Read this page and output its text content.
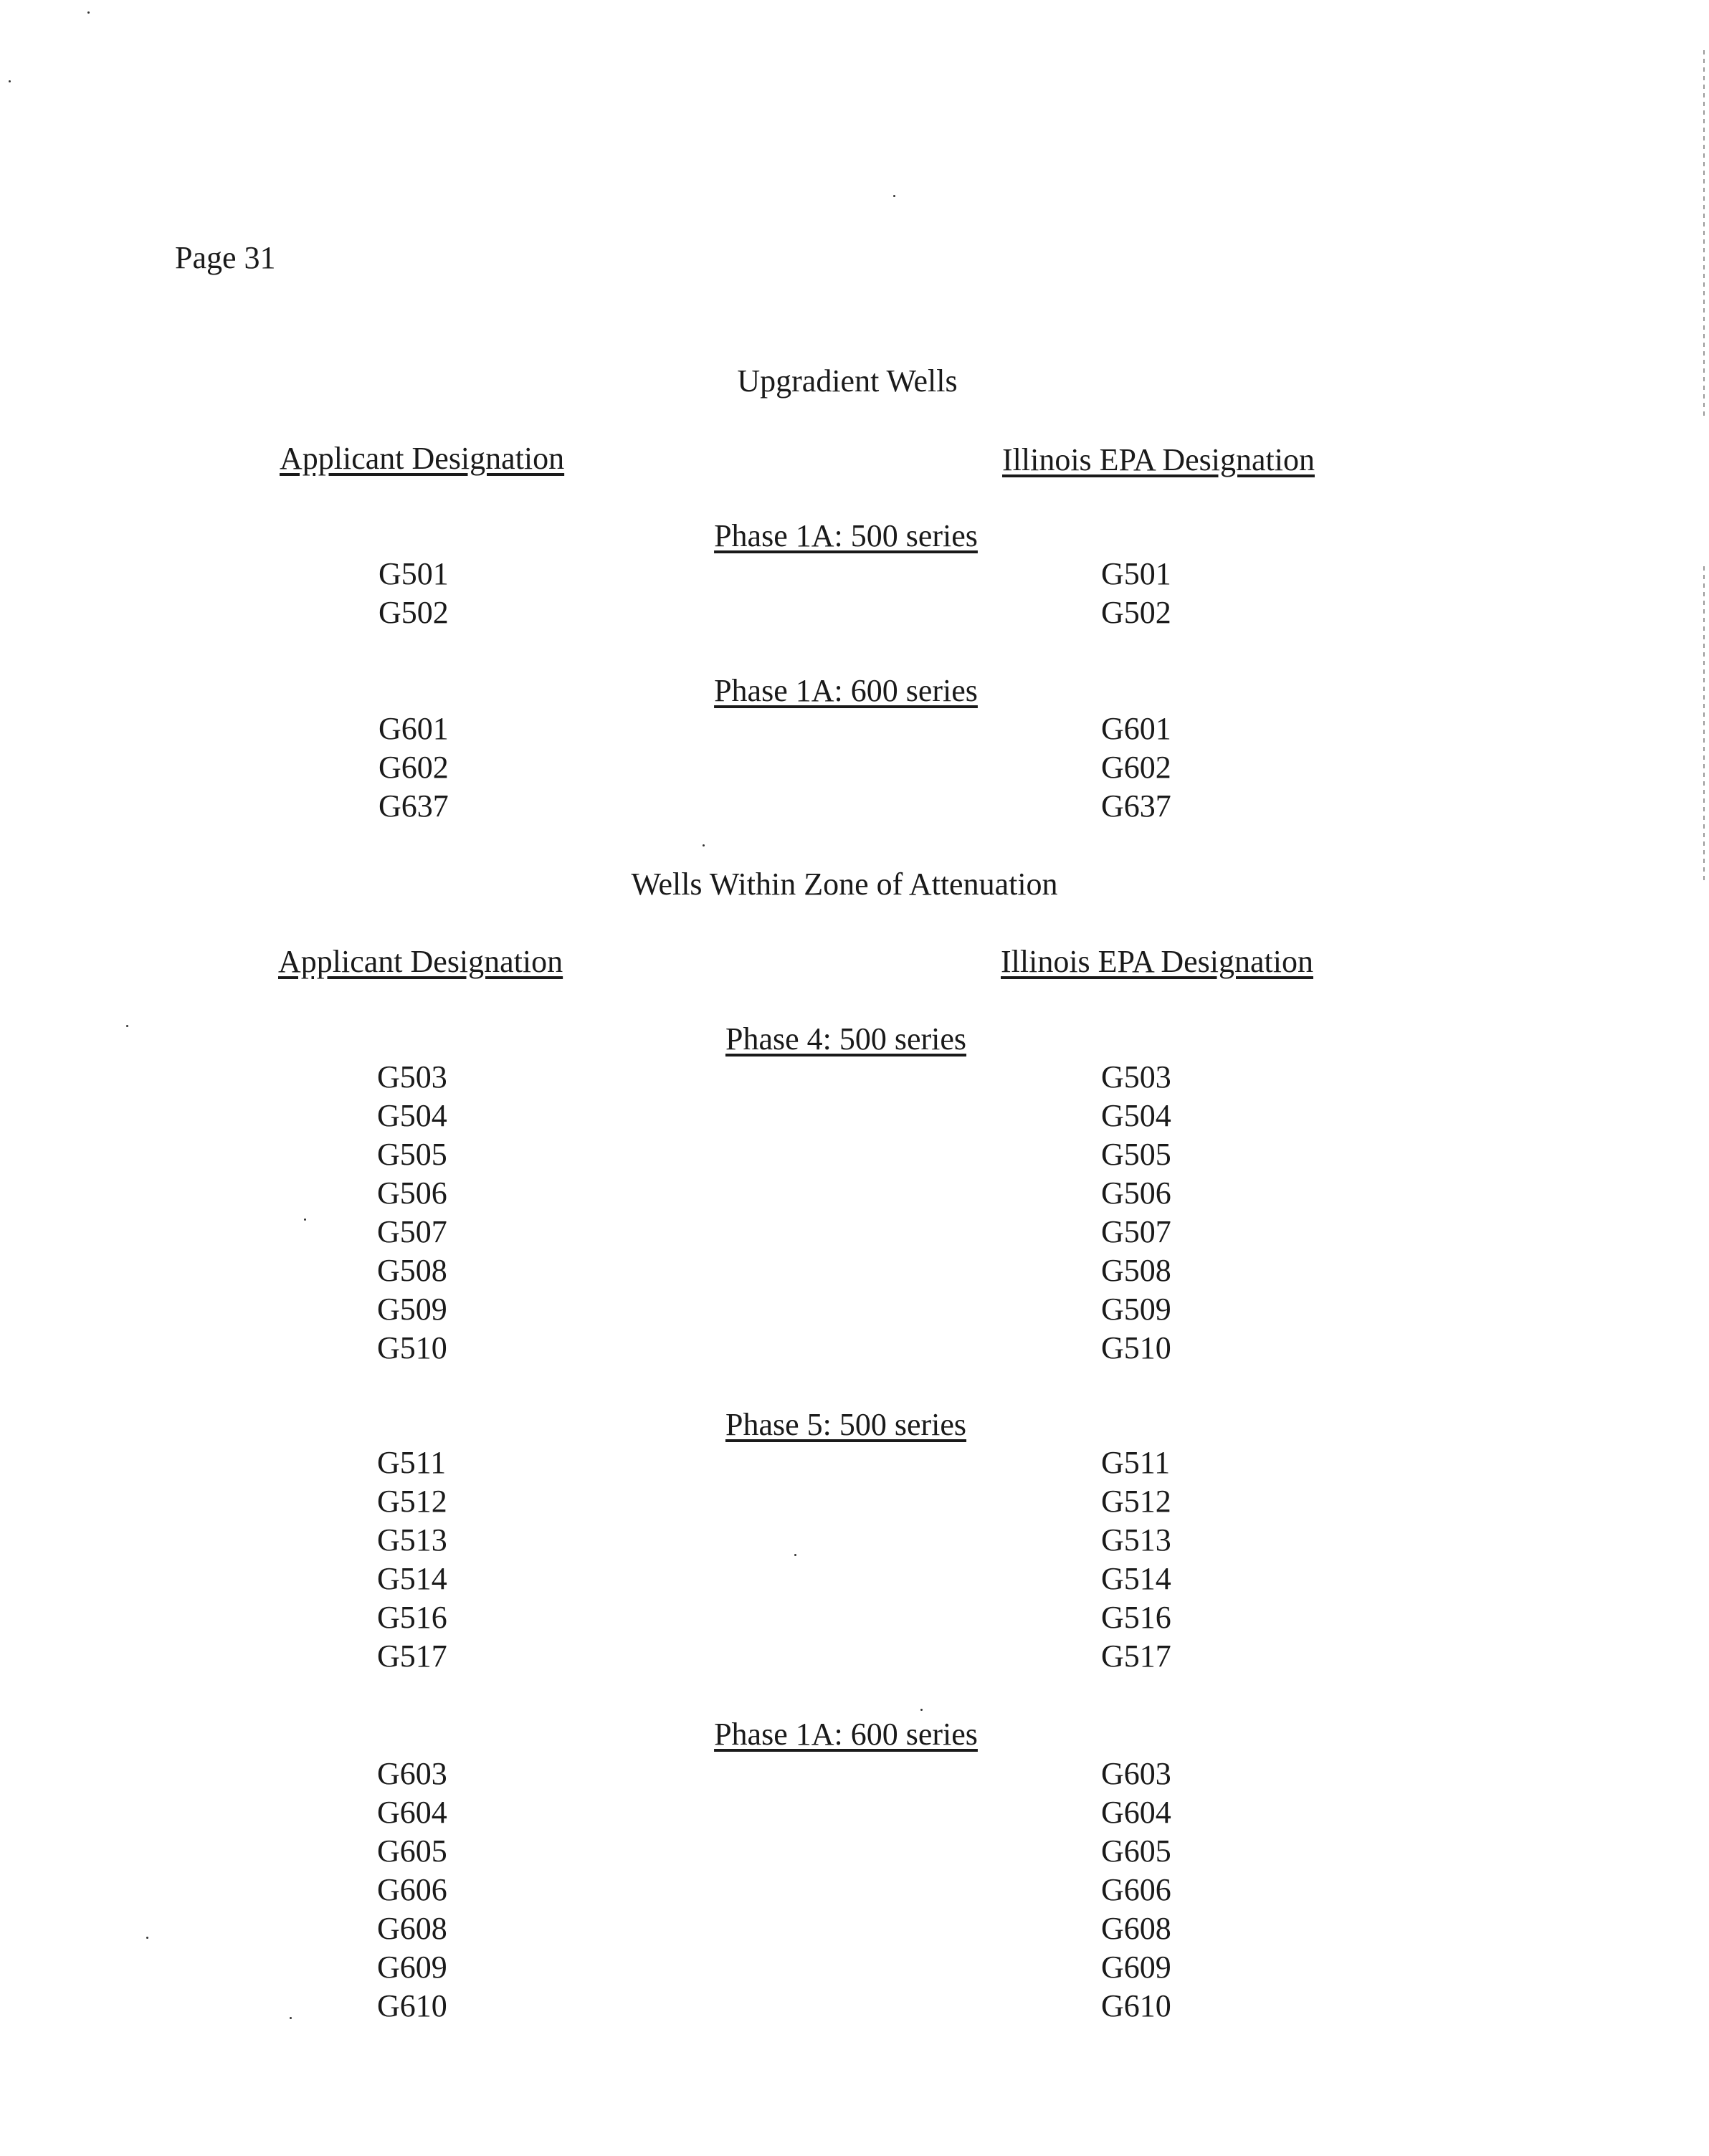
Page 31
Upgradient Wells
Applicant Designation	Illinois EPA Designation
Phase 1A: 500 series
G501
G502
G501
G502
Phase 1A: 600 series
G601
G602
G637
G601
G602
G637
Wells Within Zone of Attenuation
Applicant Designation	Illinois EPA Designation
Phase 4: 500 series
G503
G504
G505
G506
G507
G508
G509
G510
G503
G504
G505
G506
G507
G508
G509
G510
Phase 5: 500 series
G511
G512
G513
G514
G516
G517
G511
G512
G513
G514
G516
G517
Phase 1A: 600 series
G603
G604
G605
G606
G608
G609
G610
G603
G604
G605
G606
G608
G609
G610
